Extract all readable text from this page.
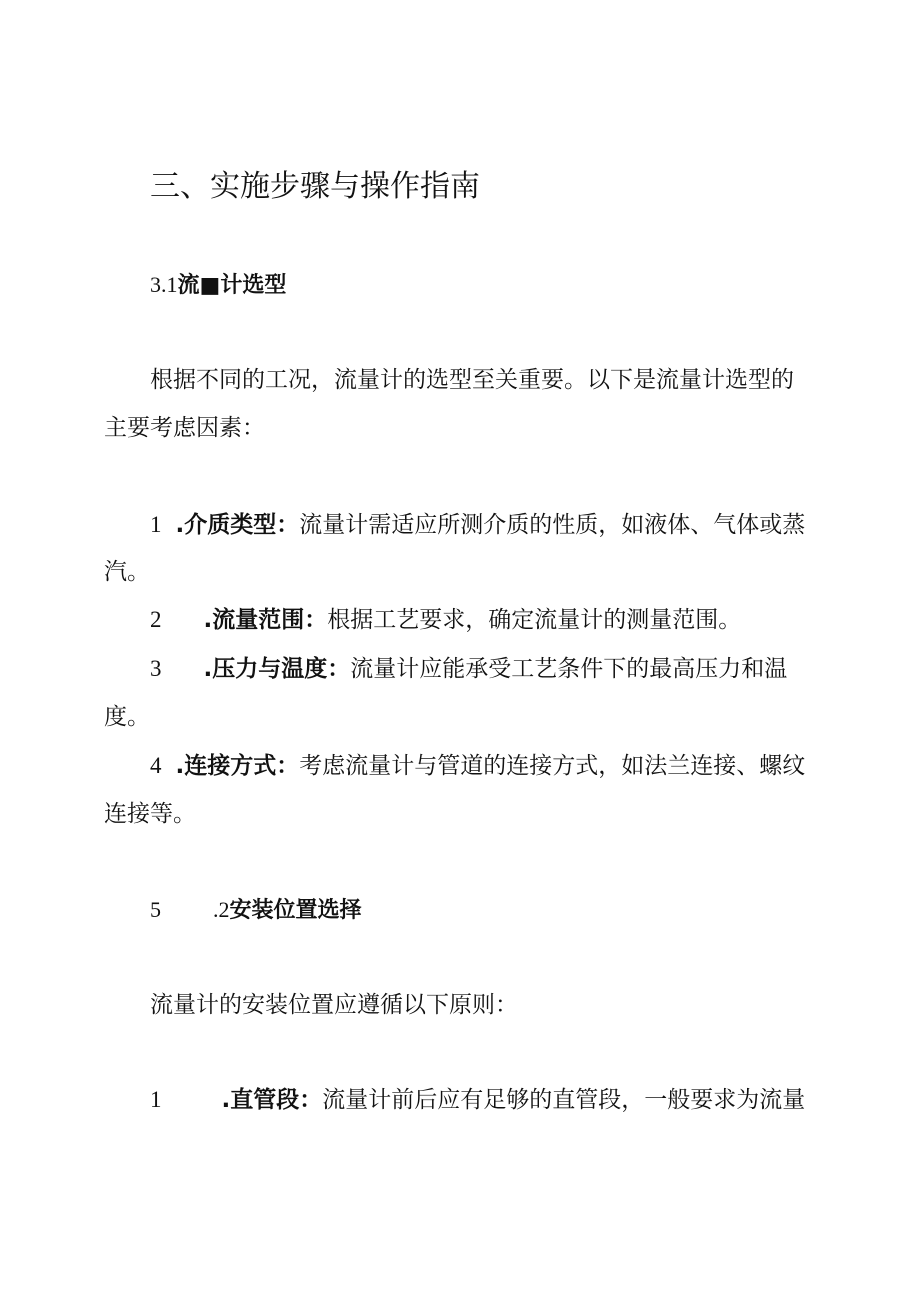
三、实施步骤与操作指南
3.1流■计选型
根据不同的工况，流量计的选型至关重要。以下是流量计选型的
主要考虑因素：
1 .介质类型：流量计需适应所测介质的性质，如液体、气体或蒸
汽。
2 .流量范围：根据工艺要求，确定流量计的测量范围。
3 .压力与温度：流量计应能承受工艺条件下的最高压力和温
度。
4 .连接方式：考虑流量计与管道的连接方式，如法兰连接、螺纹
连接等。
5 .2安装位置选择
流量计的安装位置应遵循以下原则：
1	.直管段：流量计前后应有足够的直管段，一般要求为流量
